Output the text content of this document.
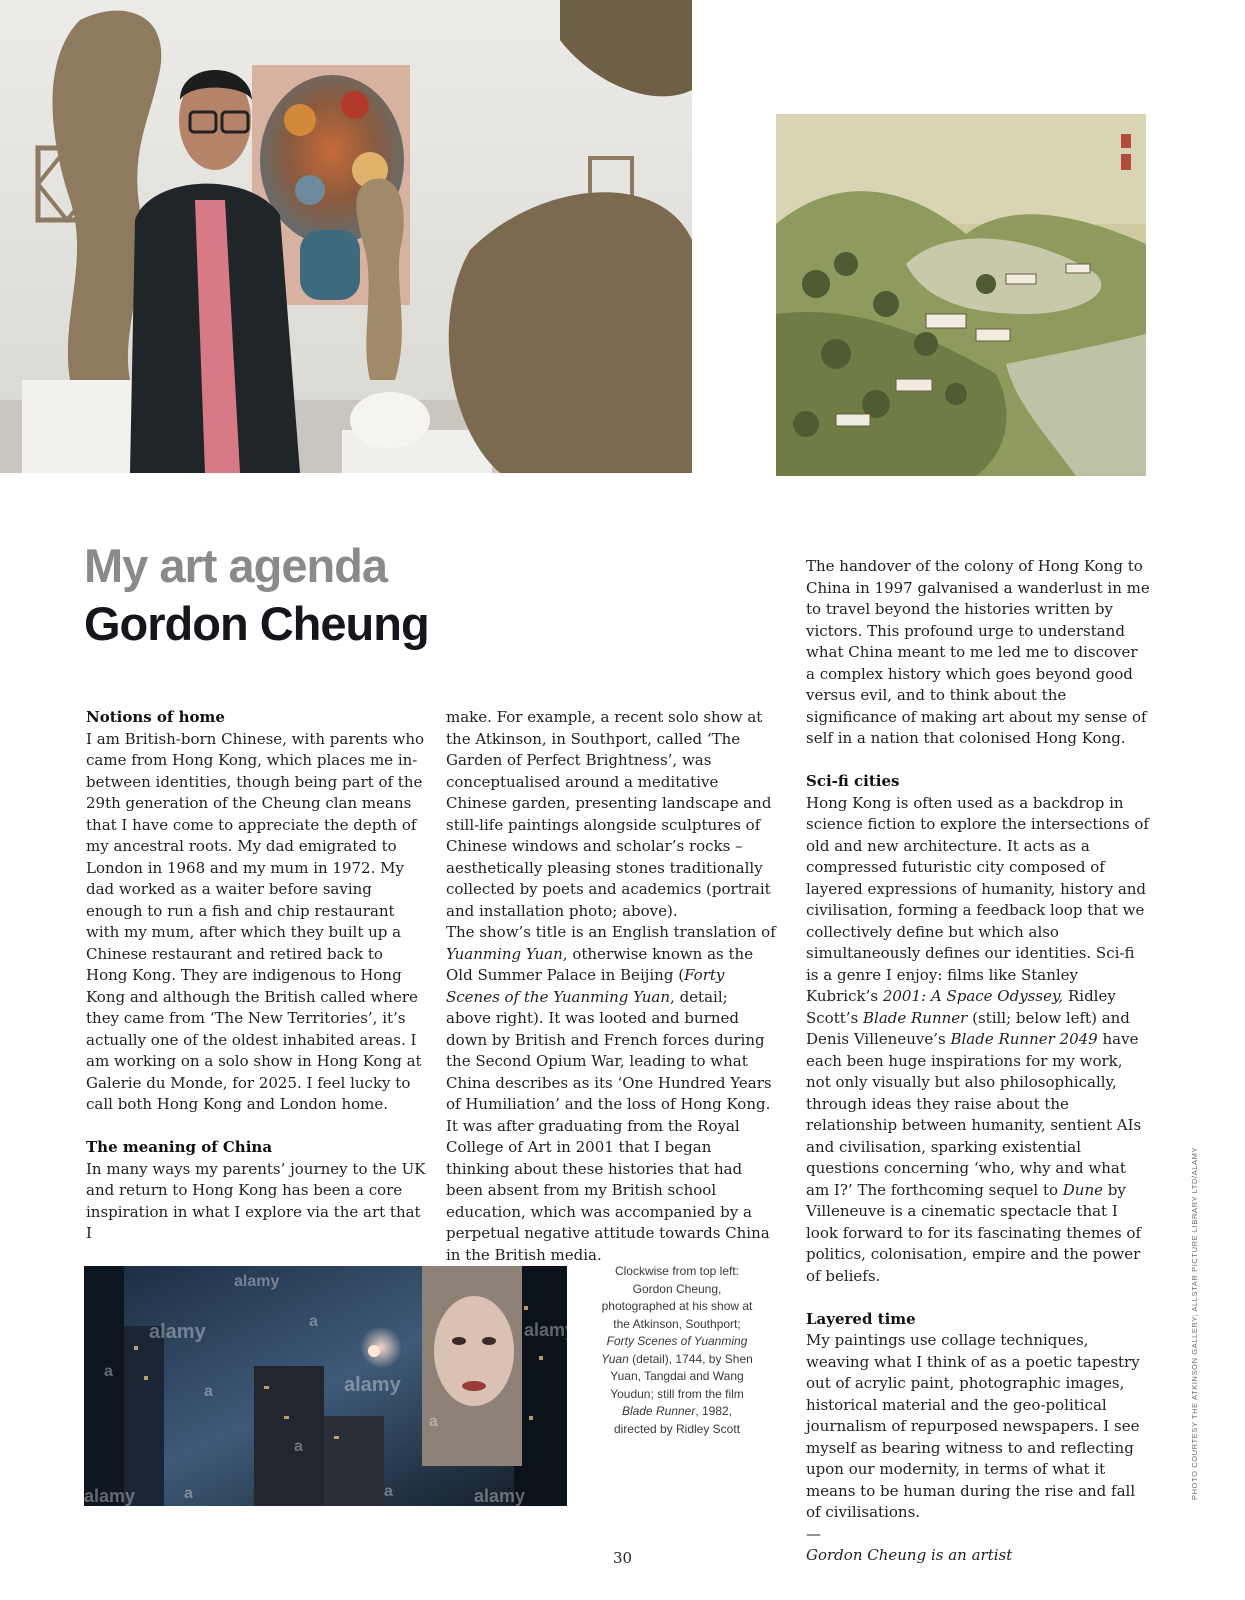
My art agenda
Gordon Cheung
Notions of home

I am British-born Chinese, with parents who came from Hong Kong, which places me in-between identities, though being part of the 29th generation of the Cheung clan means that I have come to appreciate the depth of my ancestral roots. My dad emigrated to London in 1968 and my mum in 1972. My dad worked as a waiter before saving enough to run a fish and chip restaurant with my mum, after which they built up a Chinese restaurant and retired back to Hong Kong. They are indigenous to Hong Kong and although the British called where they came from ‘The New Territories’, it’s actually one of the oldest inhabited areas. I am working on a solo show in Hong Kong at Galerie du Monde, for 2025. I feel lucky to call both Hong Kong and London home.

The meaning of China

In many ways my parents’ journey to the UK and return to Hong Kong has been a core inspiration in what I explore via the art that I

make. For example, a recent solo show at the Atkinson, in Southport, called ‘The Garden of Perfect Brightness’, was conceptualised around a meditative Chinese garden, presenting landscape and still-life paintings alongside sculptures of Chinese windows and scholar’s rocks – aesthetically pleasing stones traditionally collected by poets and academics (portrait and installation photo; above).

The show’s title is an English translation of Yuanming Yuan, otherwise known as the Old Summer Palace in Beijing (Forty Scenes of the Yuanming Yuan, detail; above right). It was looted and burned down by British and French forces during the Second Opium War, leading to what China describes as its ‘One Hundred Years of Humiliation’ and the loss of Hong Kong. It was after graduating from the Royal College of Art in 2001 that I began thinking about these histories that had been absent from my British school education, which was accompanied by a perpetual negative attitude towards China in the British media.

The handover of the colony of Hong Kong to China in 1997 galvanised a wanderlust in me to travel beyond the histories written by victors. This profound urge to understand what China meant to me led me to discover a complex history which goes beyond good versus evil, and to think about the significance of making art about my sense of self in a nation that colonised Hong Kong.

Sci-fi cities

Hong Kong is often used as a backdrop in science fiction to explore the intersections of old and new architecture. It acts as a compressed futuristic city composed of layered expressions of humanity, history and civilisation, forming a feedback loop that we collectively define but which also simultaneously defines our identities. Sci-fi is a genre I enjoy: films like Stanley Kubrick’s 2001: A Space Odyssey, Ridley Scott’s Blade Runner (still; below left) and Denis Villeneuve’s Blade Runner 2049 have each been huge inspirations for my work, not only visually but also philosophically, through ideas they raise about the relationship between humanity, sentient AIs and civilisation, sparking existential questions concerning ‘who, why and what am I?’ The forthcoming sequel to Dune by Villeneuve is a cinematic spectacle that I look forward to for its fascinating themes of politics, colonisation, empire and the power of beliefs.

Layered time

My paintings use collage techniques, weaving what I think of as a poetic tapestry out of acrylic paint, photographic images, historical material and the geo-political journalism of repurposed newspapers. I see myself as bearing witness to and reflecting upon our modernity, in terms of what it means to be human during the rise and fall of civilisations.

—

Gordon Cheung is an artist

alamy
alamy
alamy	alamy
alamy
alamy
a
a
a
a
a
a
a
Clockwise from top left: Gordon Cheung, photographed at his show at the Atkinson, Southport;
Forty Scenes of Yuanming Yuan (detail), 1744, by Shen Yuan, Tangdai and Wang Youdun; still from the film Blade Runner, 1982, directed by Ridley Scott	PHOTO COURTESY THE ATKINSON GALLERY; ALLSTAR PICTURE LIBRARY LTD/ALAMY
30
